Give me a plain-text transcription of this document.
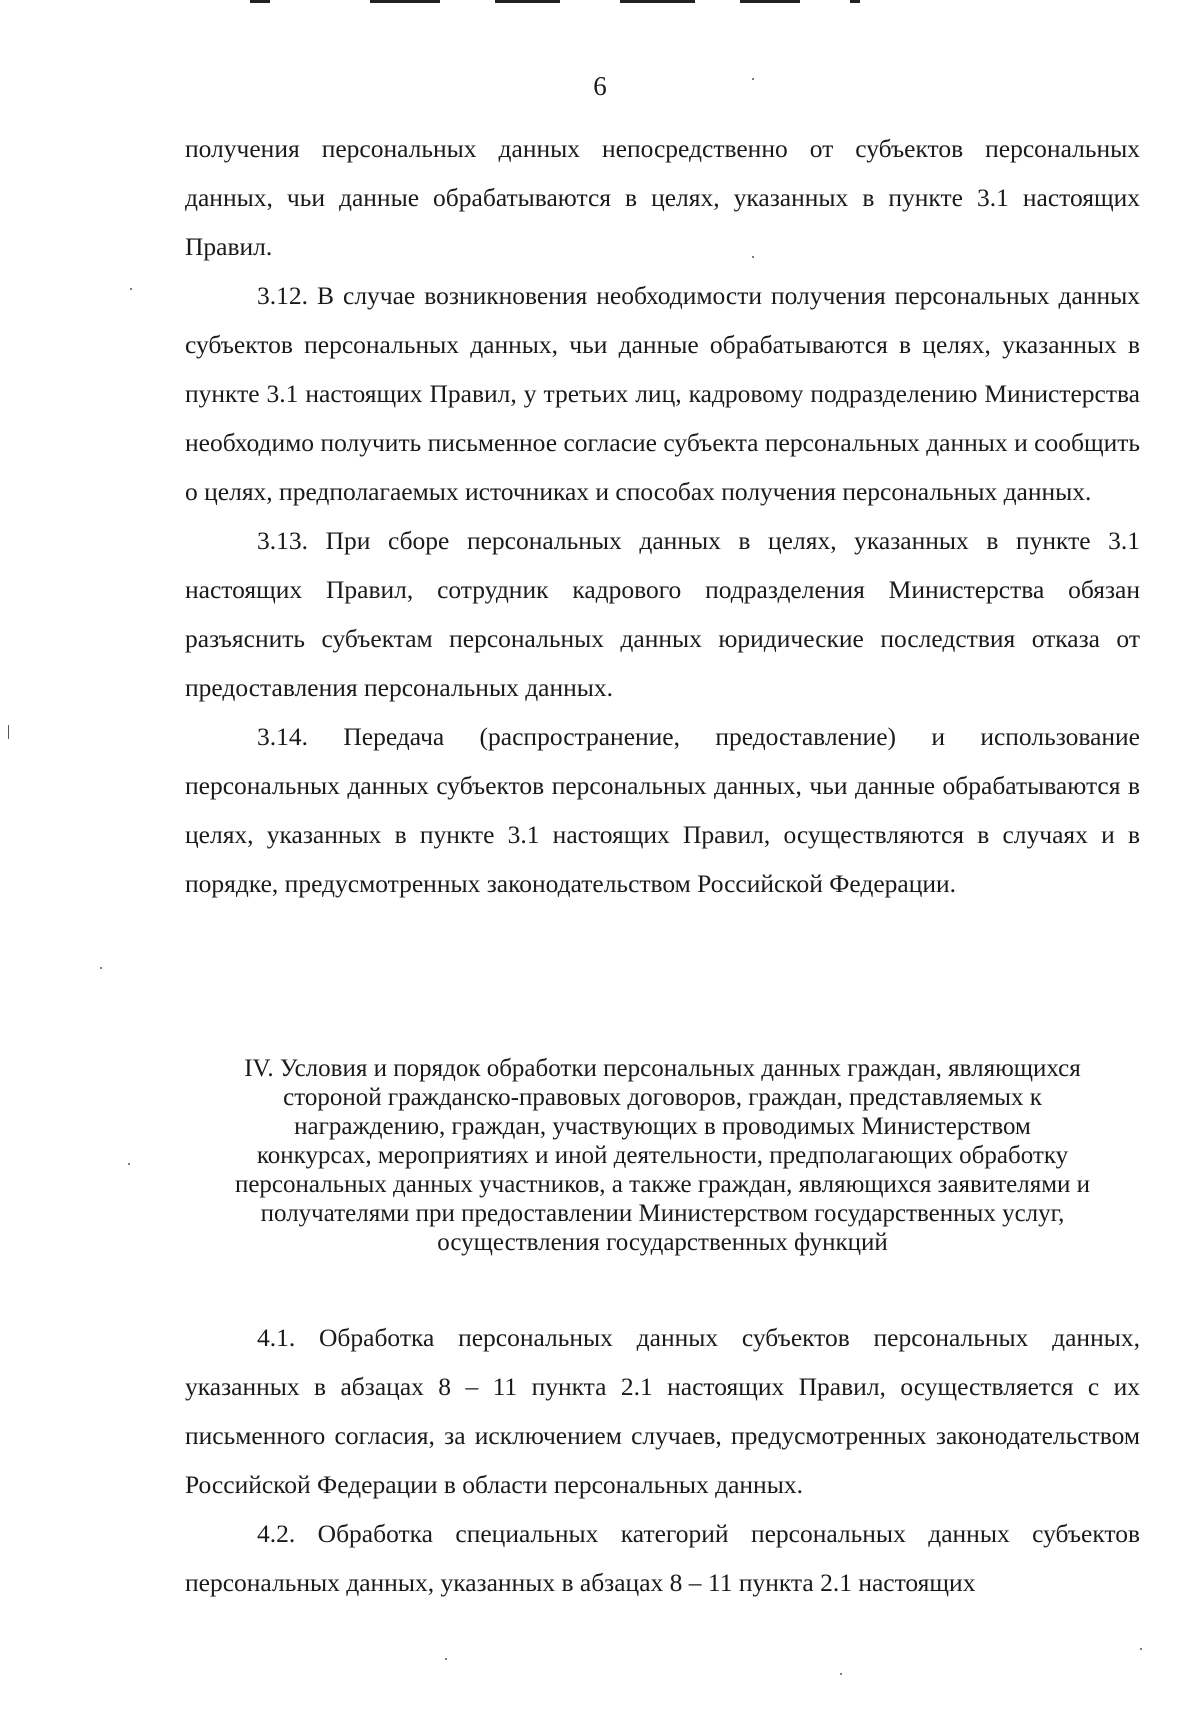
6

получения персональных данных непосредственно от субъектов персональных данных, чьи данные обрабатываются в целях, указанных в пункте 3.1 настоящих Правил.

3.12. В случае возникновения необходимости получения персональных данных субъектов персональных данных, чьи данные обрабатываются в целях, указанных в пункте 3.1 настоящих Правил, у третьих лиц, кадровому подразделению Министерства необходимо получить письменное согласие субъекта персональных данных и сообщить о целях, предполагаемых источниках и способах получения персональных данных.

3.13. При сборе персональных данных в целях, указанных в пункте 3.1 настоящих Правил, сотрудник кадрового подразделения Министерства обязан разъяснить субъектам персональных данных юридические последствия отказа от предоставления персональных данных.

3.14. Передача (распространение, предоставление) и использование персональных данных субъектов персональных данных, чьи данные обрабатываются в целях, указанных в пункте 3.1 настоящих Правил, осуществляются в случаях и в порядке, предусмотренных законодательством Российской Федерации.

IV. Условия и порядок обработки персональных данных граждан, являющихся
стороной гражданско-правовых договоров, граждан, представляемых к
награждению, граждан, участвующих в проводимых Министерством
конкурсах, мероприятиях и иной деятельности, предполагающих обработку
персональных данных участников, а также граждан, являющихся заявителями и
получателями при предоставлении Министерством государственных услуг,
осуществления государственных функций

4.1. Обработка персональных данных субъектов персональных данных, указанных в абзацах 8 – 11 пункта 2.1 настоящих Правил, осуществляется с их письменного согласия, за исключением случаев, предусмотренных законодательством Российской Федерации в области персональных данных.

4.2. Обработка специальных категорий персональных данных субъектов персональных данных, указанных в абзацах 8 – 11 пункта 2.1 настоящих
